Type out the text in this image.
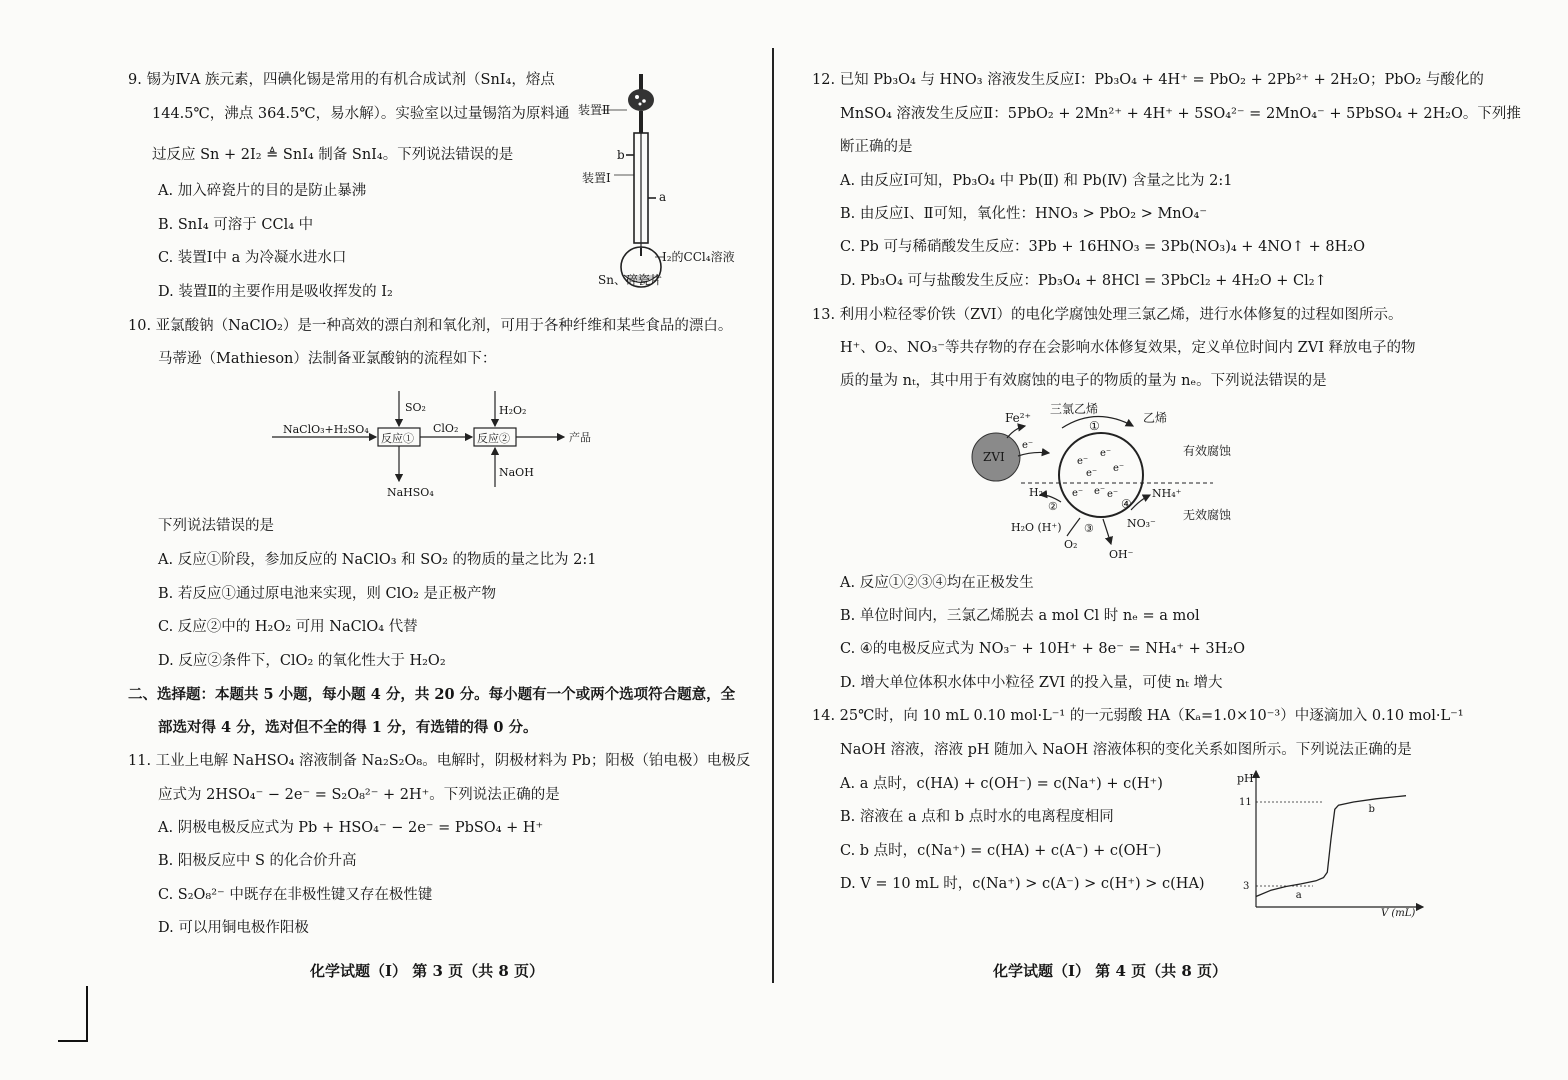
9. 锡为ⅣA 族元素，四碘化锡是常用的有机合成试剂（SnI₄，熔点
144.5℃，沸点 364.5℃，易水解）。实验室以过量锡箔为原料通
过反应 Sn + 2I₂ ≜ SnI₄ 制备 SnI₄。下列说法错误的是
A. 加入碎瓷片的目的是防止暴沸
B. SnI₄ 可溶于 CCl₄ 中
C. 装置Ⅰ中 a 为冷凝水进水口
D. 装置Ⅱ的主要作用是吸收挥发的 I₂
装置Ⅱ
b
装置Ⅰ
a
I₂的CCl₄溶液
Sn、碎瓷片
10. 亚氯酸钠（NaClO₂）是一种高效的漂白剂和氧化剂，可用于各种纤维和某些食品的漂白。
马蒂逊（Mathieson）法制备亚氯酸钠的流程如下：
NaClO₃+H₂SO₄
反应①
SO₂
NaHSO₄
ClO₂
反应②
H₂O₂
NaOH
产品
下列说法错误的是
A. 反应①阶段，参加反应的 NaClO₃ 和 SO₂ 的物质的量之比为 2:1
B. 若反应①通过原电池来实现，则 ClO₂ 是正极产物
C. 反应②中的 H₂O₂ 可用 NaClO₄ 代替
D. 反应②条件下，ClO₂ 的氧化性大于 H₂O₂
二、选择题：本题共 5 小题，每小题 4 分，共 20 分。每小题有一个或两个选项符合题意，全
部选对得 4 分，选对但不全的得 1 分，有选错的得 0 分。
11. 工业上电解 NaHSO₄ 溶液制备 Na₂S₂O₈。电解时，阴极材料为 Pb；阳极（铂电极）电极反
应式为 2HSO₄⁻ − 2e⁻ = S₂O₈²⁻ + 2H⁺。下列说法正确的是
A. 阴极电极反应式为 Pb + HSO₄⁻ − 2e⁻ = PbSO₄ + H⁺
B. 阳极反应中 S 的化合价升高
C. S₂O₈²⁻ 中既存在非极性键又存在极性键
D. 可以用铜电极作阳极
化学试题（Ⅰ） 第 3 页（共 8 页）
12. 已知 Pb₃O₄ 与 HNO₃ 溶液发生反应Ⅰ：Pb₃O₄ + 4H⁺ = PbO₂ + 2Pb²⁺ + 2H₂O；PbO₂ 与酸化的
MnSO₄ 溶液发生反应Ⅱ：5PbO₂ + 2Mn²⁺ + 4H⁺ + 5SO₄²⁻ = 2MnO₄⁻ + 5PbSO₄ + 2H₂O。下列推
断正确的是
A. 由反应Ⅰ可知，Pb₃O₄ 中 Pb(Ⅱ) 和 Pb(Ⅳ) 含量之比为 2:1
B. 由反应Ⅰ、Ⅱ可知，氧化性：HNO₃ > PbO₂ > MnO₄⁻
C. Pb 可与稀硝酸发生反应：3Pb + 16HNO₃ = 3Pb(NO₃)₄ + 4NO↑ + 8H₂O
D. Pb₃O₄ 可与盐酸发生反应：Pb₃O₄ + 8HCl = 3PbCl₂ + 4H₂O + Cl₂↑
13. 利用小粒径零价铁（ZVI）的电化学腐蚀处理三氯乙烯，进行水体修复的过程如图所示。
H⁺、O₂、NO₃⁻等共存物的存在会影响水体修复效果，定义单位时间内 ZVI 释放电子的物
质的量为 nₜ，其中用于有效腐蚀的电子的物质的量为 nₑ。下列说法错误的是
ZVI	e⁻
e⁻
e⁻
e⁻
e⁻ e⁻ e⁻
e⁻
Fe²⁺
三氯乙烯
①
乙烯
有效腐蚀
无效腐蚀
H₂
②
H₂O (H⁺) ③
O₂
OH⁻
④
NH₄⁺
NO₃⁻
A. 反应①②③④均在正极发生
B. 单位时间内，三氯乙烯脱去 a mol Cl 时 nₑ = a mol
C. ④的电极反应式为 NO₃⁻ + 10H⁺ + 8e⁻ = NH₄⁺ + 3H₂O
D. 增大单位体积水体中小粒径 ZVI 的投入量，可使 nₜ 增大
14. 25℃时，向 10 mL 0.10 mol·L⁻¹ 的一元弱酸 HA（Kₐ=1.0×10⁻³）中逐滴加入 0.10 mol·L⁻¹
NaOH 溶液，溶液 pH 随加入 NaOH 溶液体积的变化关系如图所示。下列说法正确的是
A. a 点时，c(HA) + c(OH⁻) = c(Na⁺) + c(H⁺)
B. 溶液在 a 点和 b 点时水的电离程度相同
C. b 点时，c(Na⁺) = c(HA) + c(A⁻) + c(OH⁻)
D. V = 10 mL 时，c(Na⁺) > c(A⁻) > c(H⁺) > c(HA)
pH
V (mL)
11
3
a
b
化学试题（Ⅰ） 第 4 页（共 8 页）
